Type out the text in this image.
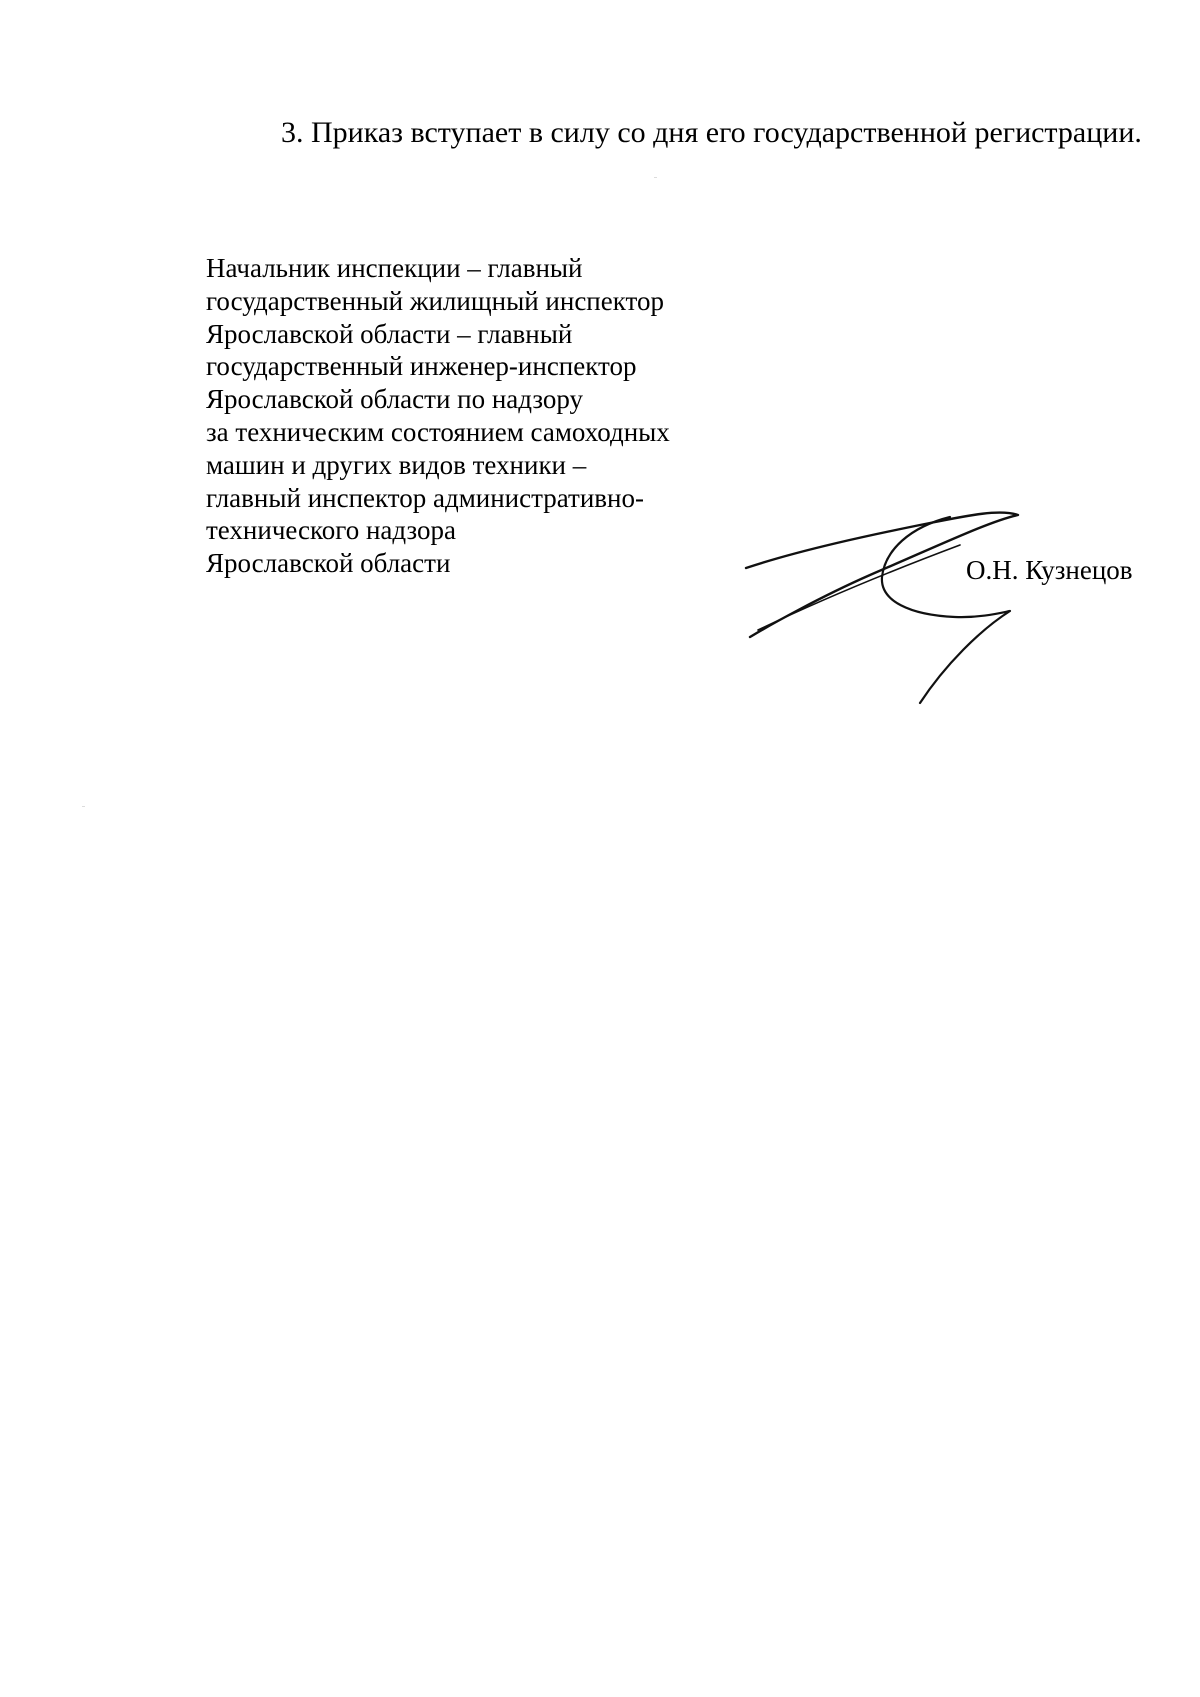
3. Приказ вступает в силу со дня его государственной регистрации.

Начальник инспекции – главный
государственный жилищный инспектор
Ярославской области – главный
государственный инженер-инспектор
Ярославской области по надзору
за техническим состоянием самоходных
машин и других видов техники –
главный инспектор административно-
технического надзора
Ярославской области	О.Н. Кузнецов
